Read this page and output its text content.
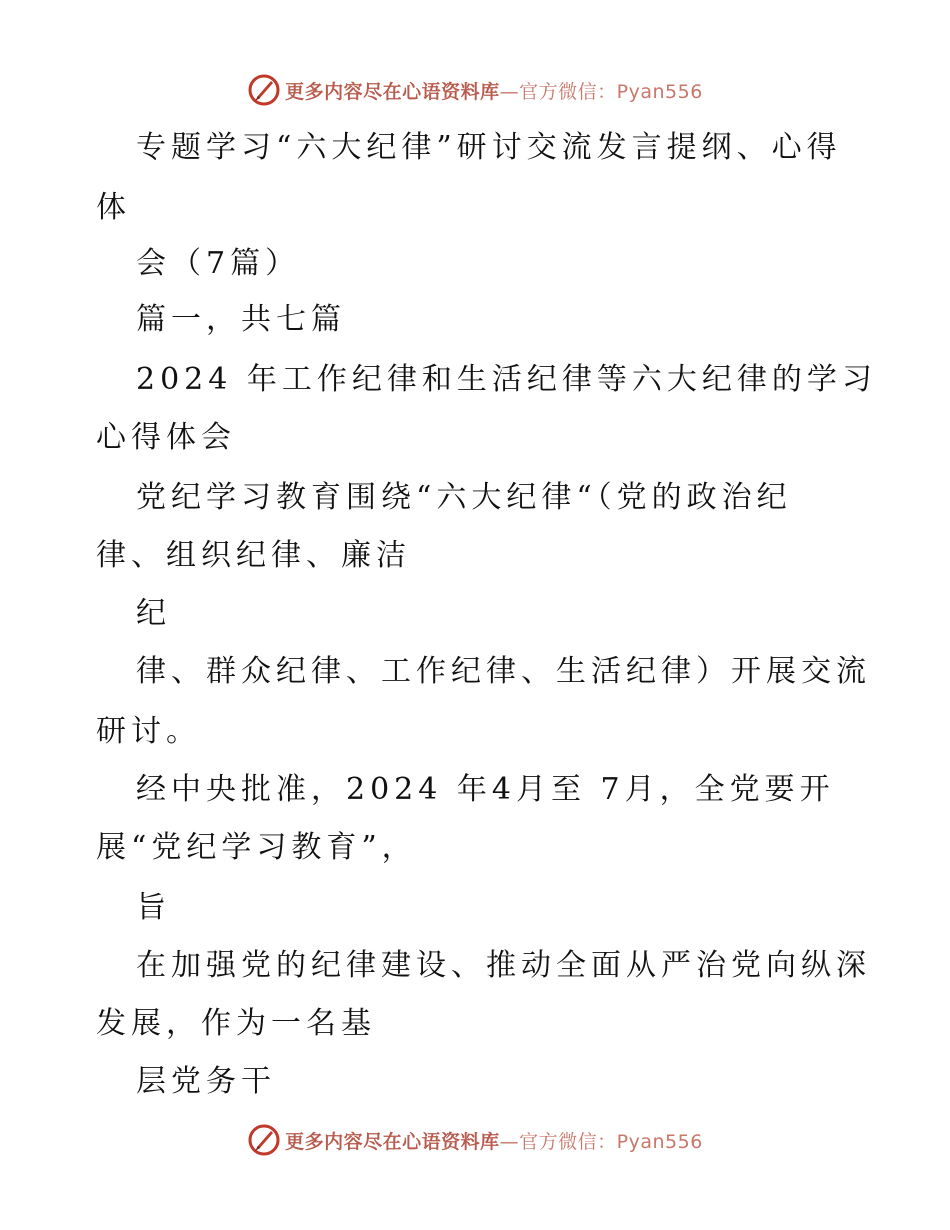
更多内容尽在心语资料库—官方微信：Pyan556
专题学习“六大纪律”研讨交流发言提纲、心得
体
会（7篇）
篇一，共七篇
2024 年工作纪律和生活纪律等六大纪律的学习
心得体会
党纪学习教育围绕“六大纪律“（党的政治纪
律、组织纪律、廉洁
纪
律、群众纪律、工作纪律、生活纪律）开展交流
研讨。
经中央批准，2024 年4月至 7月，全党要开
展“党纪学习教育”，
旨
在加强党的纪律建设、推动全面从严治党向纵深
发展，作为一名基
层党务干
更多内容尽在心语资料库—官方微信：Pyan556
